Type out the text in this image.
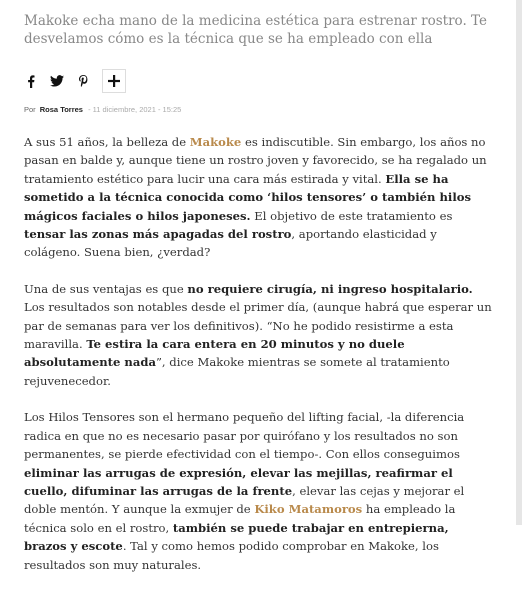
Makoke echa mano de la medicina estética para estrenar rostro. Te desvelamos cómo es la técnica que se ha empleado con ella

Por Rosa Torres - 11 diciembre, 2021 - 15:25

A sus 51 años, la belleza de Makoke es indiscutible. Sin embargo, los años no pasan en balde y, aunque tiene un rostro joven y favorecido, se ha regalado un tratamiento estético para lucir una cara más estirada y vital. Ella se ha sometido a la técnica conocida como ‘hilos tensores’ o también hilos mágicos faciales o hilos japoneses. El objetivo de este tratamiento es tensar las zonas más apagadas del rostro, aportando elasticidad y colágeno. Suena bien, ¿verdad?

Una de sus ventajas es que no requiere cirugía, ni ingreso hospitalario. Los resultados son notables desde el primer día, (aunque habrá que esperar un par de semanas para ver los definitivos). “No he podido resistirme a esta maravilla. Te estira la cara entera en 20 minutos y no duele absolutamente nada”, dice Makoke mientras se somete al tratamiento rejuvenecedor.

Los Hilos Tensores son el hermano pequeño del lifting facial, -la diferencia radica en que no es necesario pasar por quirófano y los resultados no son permanentes, se pierde efectividad con el tiempo-. Con ellos conseguimos eliminar las arrugas de expresión, elevar las mejillas, reafirmar el cuello, difuminar las arrugas de la frente, elevar las cejas y mejorar el doble mentón. Y aunque la exmujer de Kiko Matamoros ha empleado la técnica solo en el rostro, también se puede trabajar en entrepierna, brazos y escote. Tal y como hemos podido comprobar en Makoke, los resultados son muy naturales.
